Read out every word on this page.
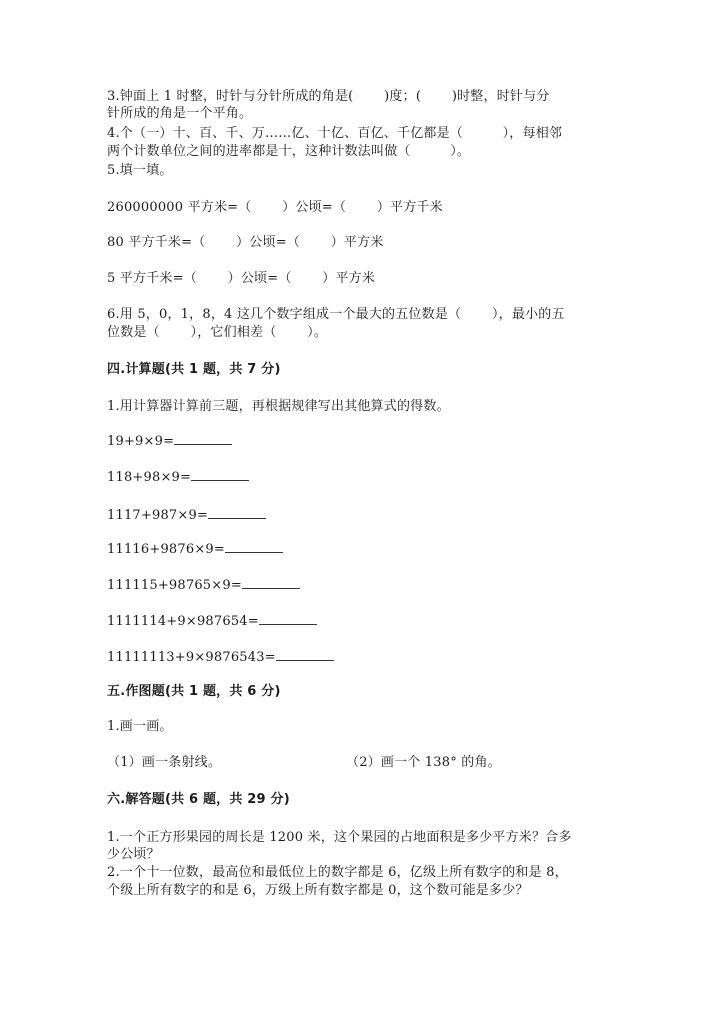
3.钟面上 1 时整，时针与分针所成的角是(　　 )度；(　　 )时整，时针与分
针所成的角是一个平角。
4.个（一）十、百、千、万……亿、十亿、百亿、千亿都是（　　　），每相邻
两个计数单位之间的进率都是十，这种计数法叫做（　　　）。
5.填一填。
260000000 平方米=（　　 ）公顷=（　　 ）平方千米
80 平方千米=（　　 ）公顷=（　　 ）平方米
5 平方千米=（　　 ）公顷=（　　 ）平方米
6.用 5，0，1，8，4 这几个数字组成一个最大的五位数是（　　 ），最小的五
位数是（　　 ），它们相差（　　 ）。
四.计算题(共 1 题，共 7 分)
1.用计算器计算前三题，再根据规律写出其他算式的得数。
19+9×9=
118+98×9=
1117+987×9=
11116+9876×9=
111115+98765×9=
1111114+9×987654=
11111113+9×9876543=
五.作图题(共 1 题，共 6 分)
1.画一画。
（1）画一条射线。	（2）画一个 138° 的角。
六.解答题(共 6 题，共 29 分)
1.一个正方形果园的周长是 1200 米，这个果园的占地面积是多少平方米？合多
少公顷？
2.一个十一位数，最高位和最低位上的数字都是 6，亿级上所有数字的和是 8，
个级上所有数字的和是 6，万级上所有数字都是 0，这个数可能是多少？
